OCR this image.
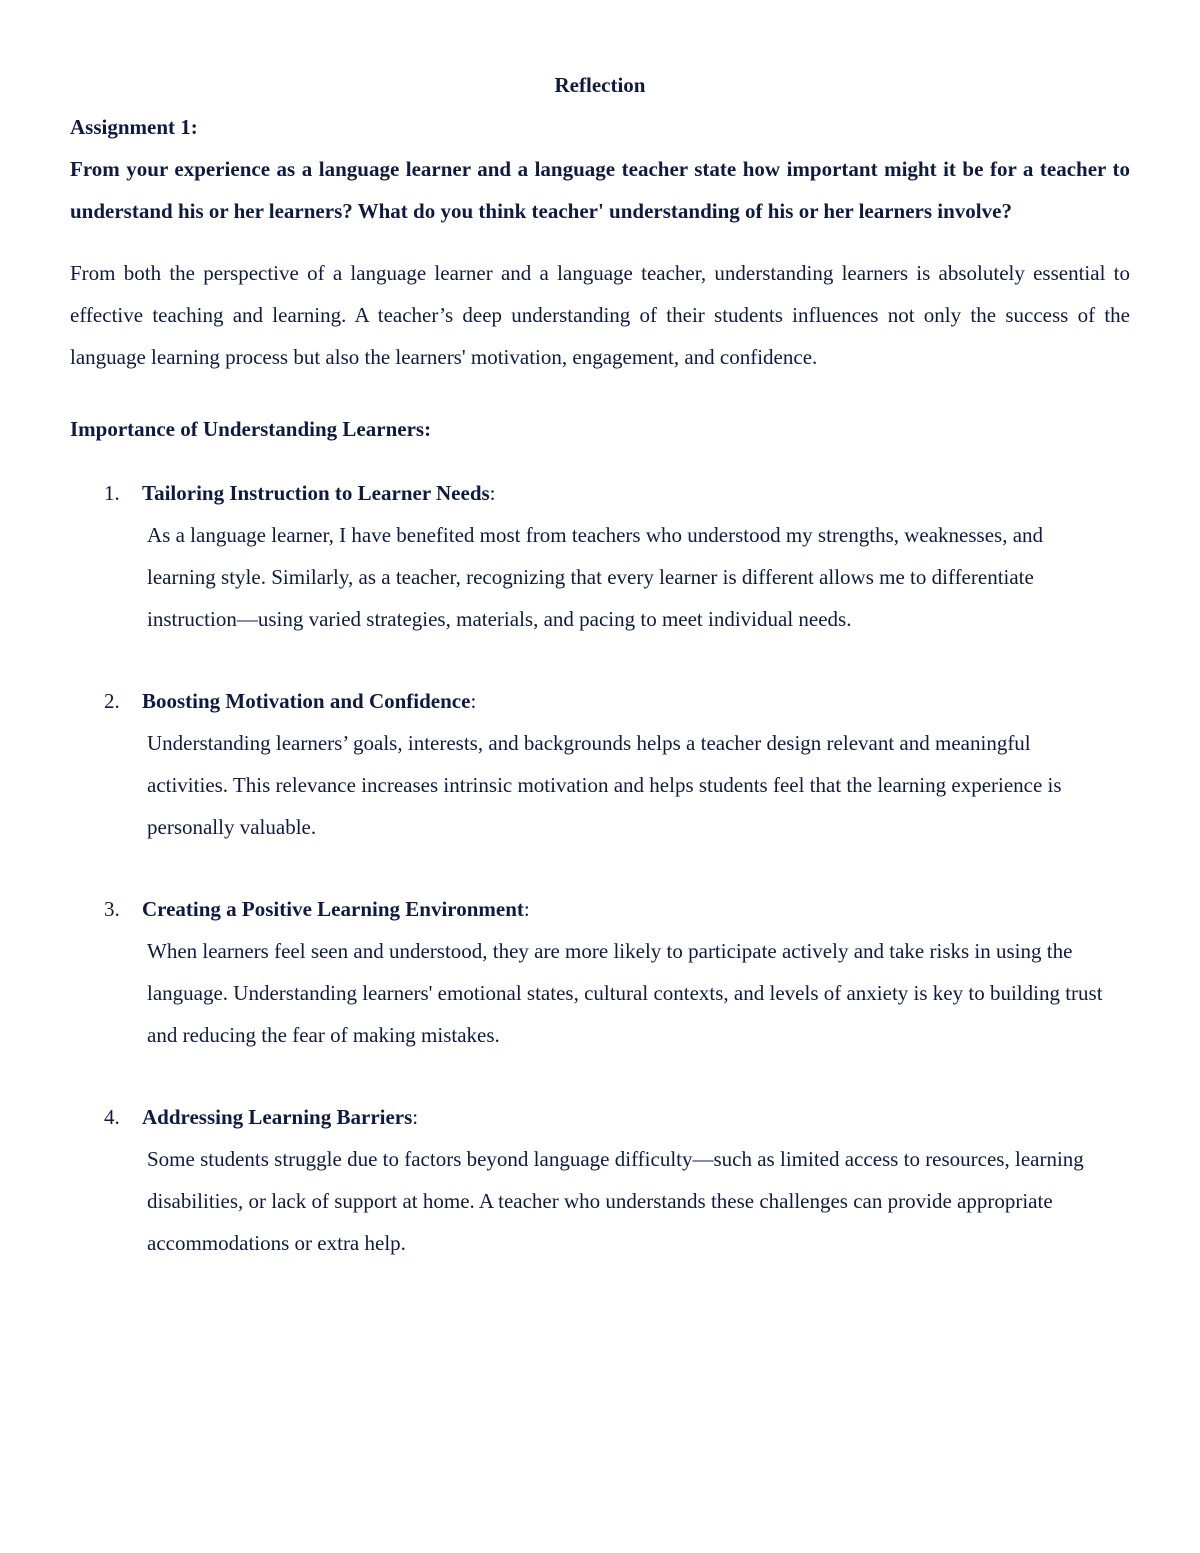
Reflection

Assignment 1:

From your experience as a language learner and a language teacher state how important might it be for a teacher to understand his or her learners? What do you think teacher' understanding of his or her learners involve?

From both the perspective of a language learner and a language teacher, understanding learners is absolutely essential to effective teaching and learning. A teacher’s deep understanding of their students influences not only the success of the language learning process but also the learners' motivation, engagement, and confidence.

Importance of Understanding Learners:

1. Tailoring Instruction to Learner Needs:

As a language learner, I have benefited most from teachers who understood my strengths, weaknesses, and learning style. Similarly, as a teacher, recognizing that every learner is different allows me to differentiate instruction—using varied strategies, materials, and pacing to meet individual needs.

2. Boosting Motivation and Confidence:

Understanding learners’ goals, interests, and backgrounds helps a teacher design relevant and meaningful activities. This relevance increases intrinsic motivation and helps students feel that the learning experience is personally valuable.

3. Creating a Positive Learning Environment:

When learners feel seen and understood, they are more likely to participate actively and take risks in using the language. Understanding learners' emotional states, cultural contexts, and levels of anxiety is key to building trust and reducing the fear of making mistakes.

4. Addressing Learning Barriers:

Some students struggle due to factors beyond language difficulty—such as limited access to resources, learning disabilities, or lack of support at home. A teacher who understands these challenges can provide appropriate accommodations or extra help.
